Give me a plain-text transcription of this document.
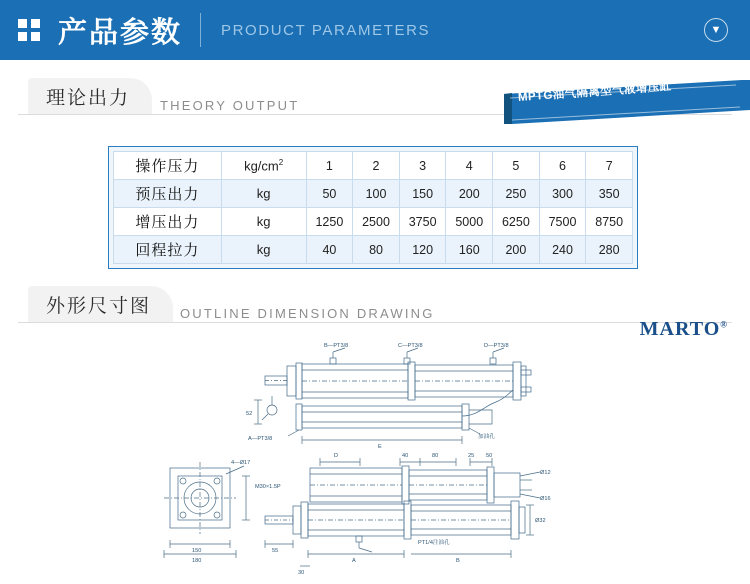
产品参数	PRODUCT PARAMETERS	▼
理论出力 THEORY OUTPUT
MPTG油气隔离型气液增压缸
操作压力	$kg/cm^2$	1	2	3	4	5	6	7
预压出力	kg	50	100	150	200	250	300	350
增压出力	kg	1250	2500	3750	5000	6250	7500	8750
回程拉力	kg	40	80	120	160	200	240	280
外形尺寸图 OUTLINE DIMENSION DRAWING
MARTO®
B—PT3/8	C—PT3/8	D—PT3/8
A—PT3/8
52
加油孔
E
D	40	80	25 50
Ø12
Ø16
4—Ø17
M30×1.5P
150
180
55
A	B
30
PT1/4注油孔
Ø32
